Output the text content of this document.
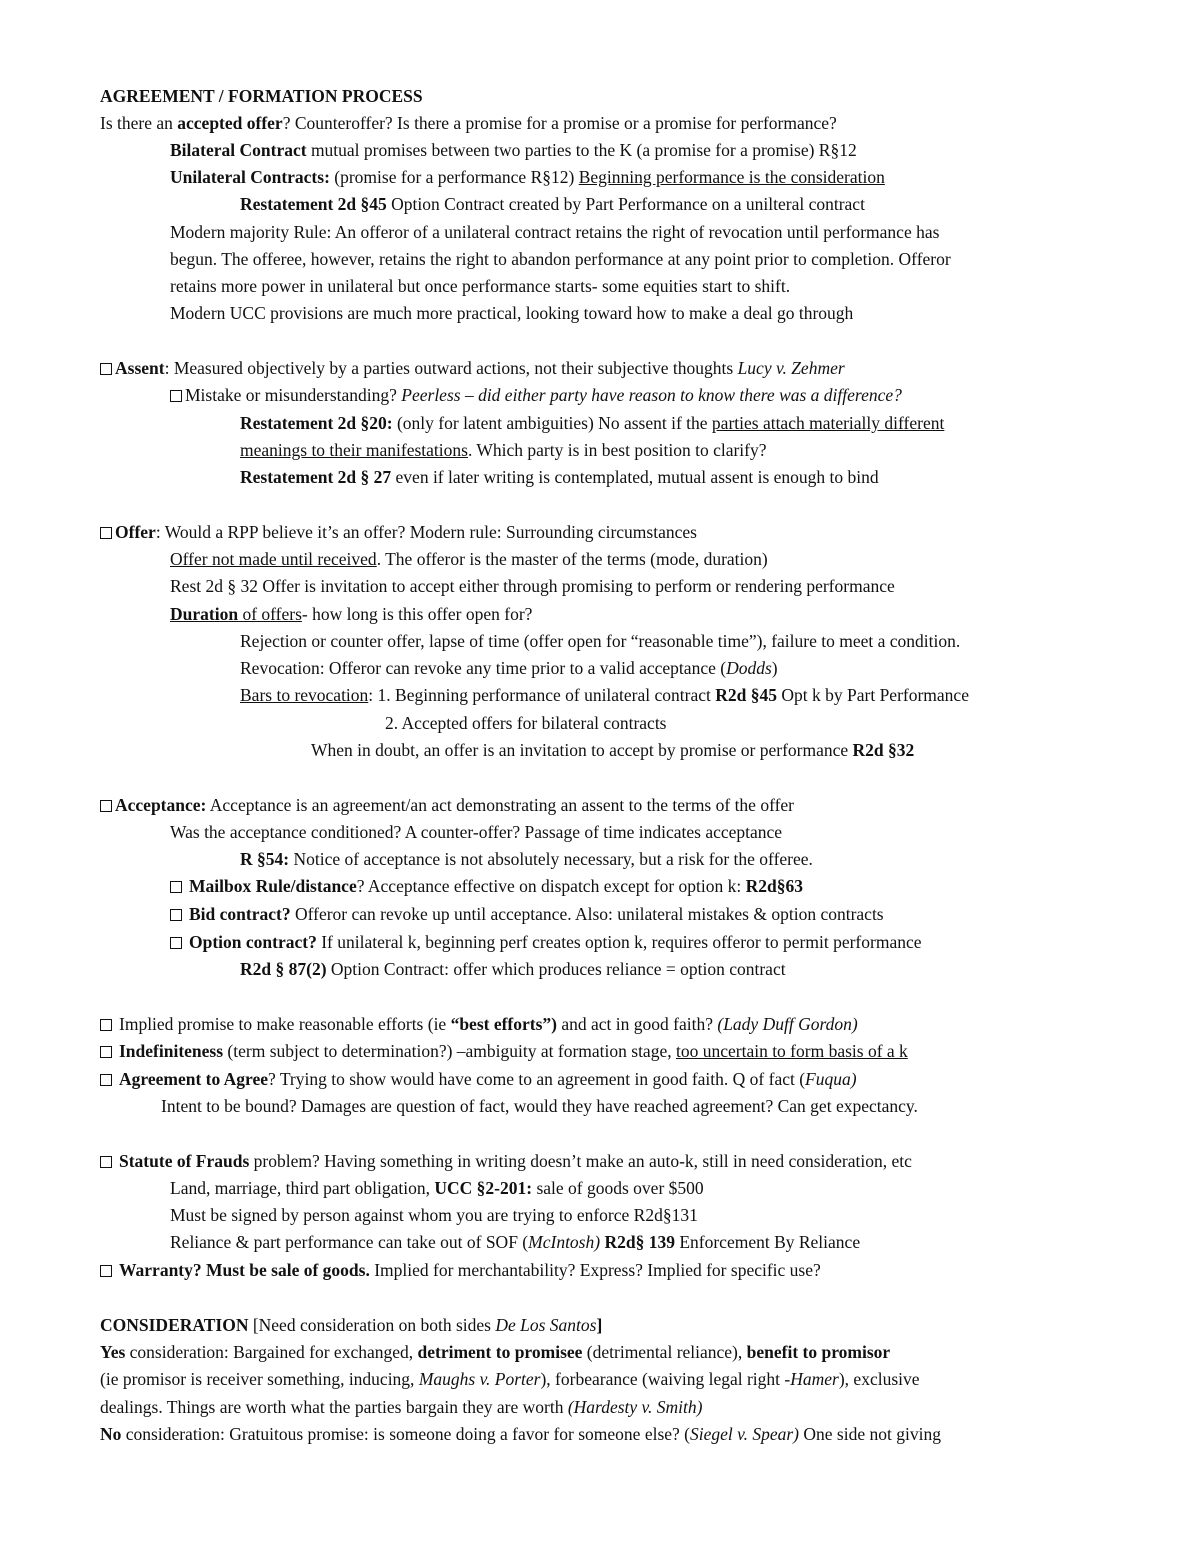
AGREEMENT / FORMATION PROCESS
Is there an accepted offer? Counteroffer? Is there a promise for a promise or a promise for performance?
Bilateral Contract mutual promises between two parties to the K (a promise for a promise) R§12
Unilateral Contracts: (promise for a performance R§12) Beginning performance is the consideration
Restatement 2d §45 Option Contract created by Part Performance on a unilteral contract
Modern majority Rule: An offeror of a unilateral contract retains the right of revocation until performance has
begun. The offeree, however, retains the right to abandon performance at any point prior to completion. Offeror
retains more power in unilateral but once performance starts- some equities start to shift.
Modern UCC provisions are much more practical, looking toward how to make a deal go through
Assent: Measured objectively by a parties outward actions, not their subjective thoughts Lucy v. Zehmer
Mistake or misunderstanding? Peerless – did either party have reason to know there was a difference?
Restatement 2d §20: (only for latent ambiguities) No assent if the parties attach materially different
meanings to their manifestations. Which party is in best position to clarify?
Restatement 2d § 27 even if later writing is contemplated, mutual assent is enough to bind
Offer: Would a RPP believe it’s an offer? Modern rule: Surrounding circumstances
Offer not made until received. The offeror is the master of the terms (mode, duration)
Rest 2d § 32 Offer is invitation to accept either through promising to perform or rendering performance
Duration of offers- how long is this offer open for?
Rejection or counter offer, lapse of time (offer open for “reasonable time”), failure to meet a condition.
Revocation: Offeror can revoke any time prior to a valid acceptance (Dodds)
Bars to revocation: 1. Beginning performance of unilateral contract R2d §45 Opt k by Part Performance
2. Accepted offers for bilateral contracts
When in doubt, an offer is an invitation to accept by promise or performance R2d §32
Acceptance: Acceptance is an agreement/an act demonstrating an assent to the terms of the offer
Was the acceptance conditioned? A counter-offer? Passage of time indicates acceptance
R §54: Notice of acceptance is not absolutely necessary, but a risk for the offeree.
Mailbox Rule/distance? Acceptance effective on dispatch except for option k: R2d§63
Bid contract? Offeror can revoke up until acceptance. Also: unilateral mistakes & option contracts
Option contract? If unilateral k, beginning perf creates option k, requires offeror to permit performance
R2d § 87(2) Option Contract: offer which produces reliance = option contract
Implied promise to make reasonable efforts (ie “best efforts”) and act in good faith? (Lady Duff Gordon)
Indefiniteness (term subject to determination?) –ambiguity at formation stage, too uncertain to form basis of a k
Agreement to Agree? Trying to show would have come to an agreement in good faith. Q of fact (Fuqua)
Intent to be bound? Damages are question of fact, would they have reached agreement? Can get expectancy.
Statute of Frauds problem? Having something in writing doesn’t make an auto-k, still in need consideration, etc
Land, marriage, third part obligation, UCC §2-201: sale of goods over $500
Must be signed by person against whom you are trying to enforce R2d§131
Reliance & part performance can take out of SOF (McIntosh) R2d§ 139 Enforcement By Reliance
Warranty? Must be sale of goods. Implied for merchantability? Express? Implied for specific use?
CONSIDERATION [Need consideration on both sides De Los Santos]
Yes consideration: Bargained for exchanged, detriment to promisee (detrimental reliance), benefit to promisor
(ie promisor is receiver something, inducing, Maughs v. Porter), forbearance (waiving legal right -Hamer), exclusive
dealings. Things are worth what the parties bargain they are worth (Hardesty v. Smith)
No consideration: Gratuitous promise: is someone doing a favor for someone else? (Siegel v. Spear) One side not giving
